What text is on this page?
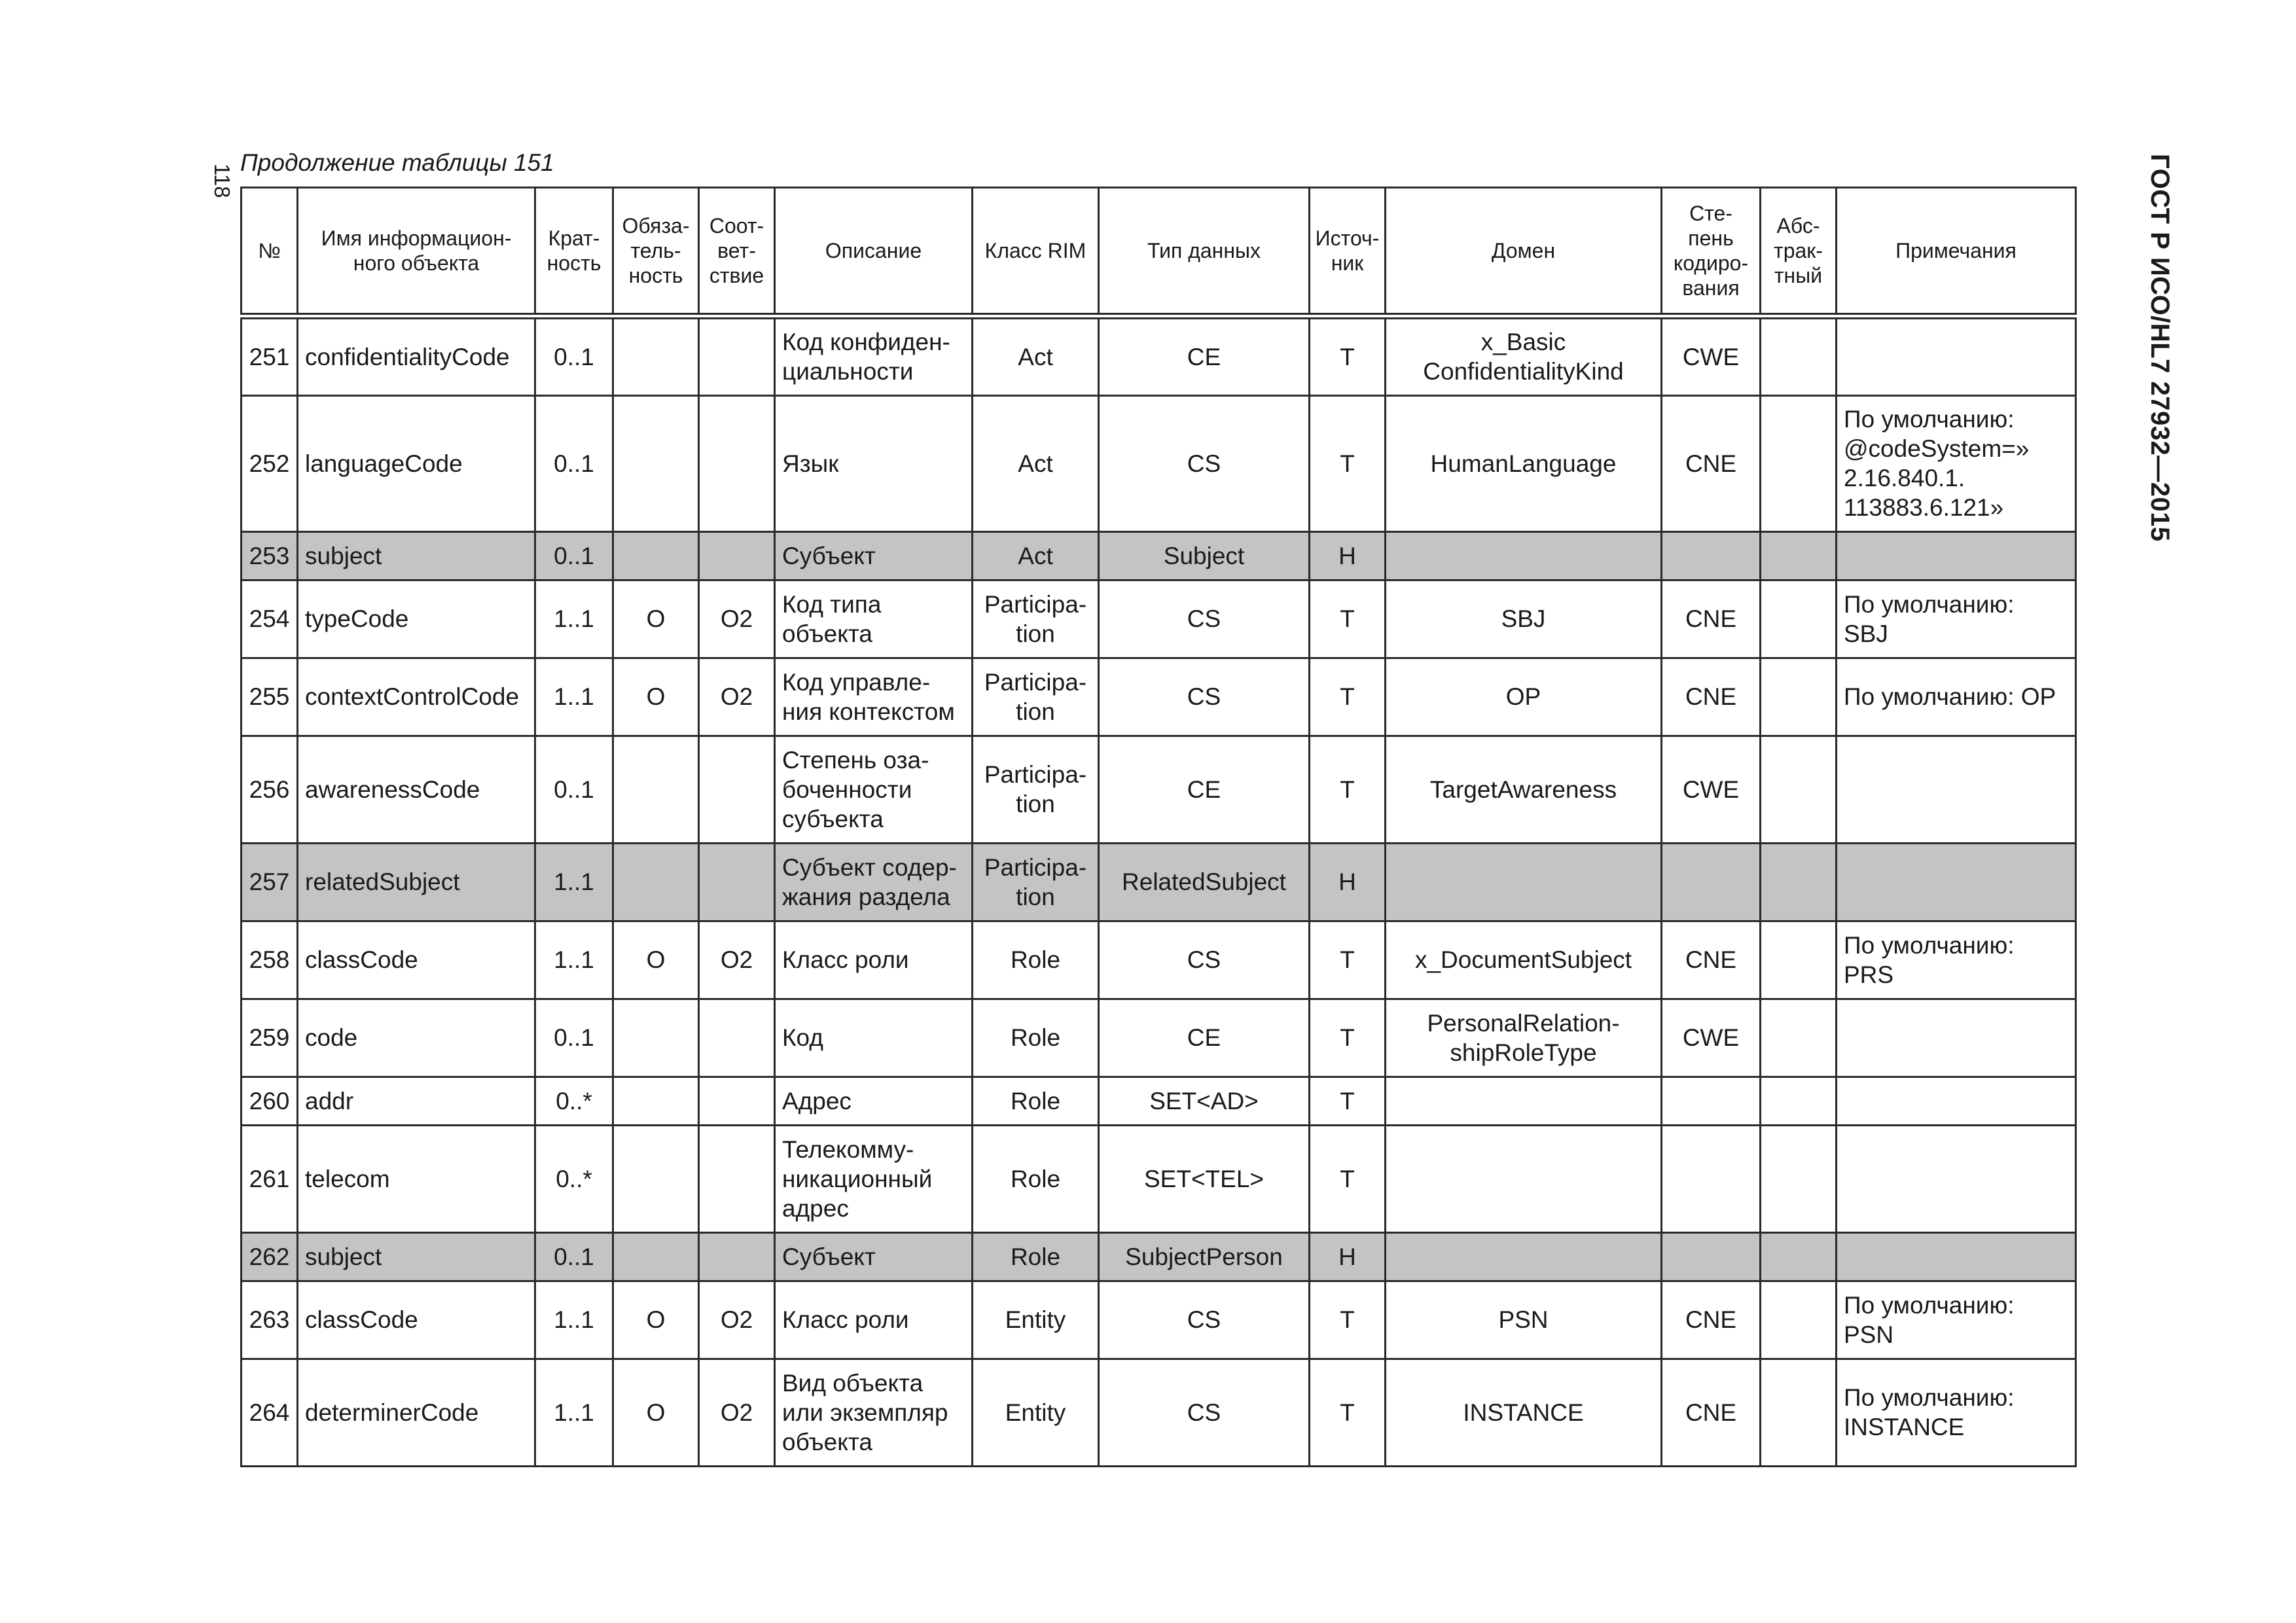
118
Продолжение таблицы 151	ГОСТ Р ИСО/HL7 27932—2015
№	Имя информацион-
ного объекта	Крат-
ность	Обяза-
тель-
ность	Соот-
вет-
ствие	Описание	Класс RIM	Тип данных	Источ-
ник	Домен	Сте-
пень
кодиро-
вания	Абс-
трак-
тный	Примечания
251	confidentialityCode	0..1			Код конфиден-
циальности	Act	CE	T	x_Basic
ConfidentialityKind	CWE		
252	languageCode	0..1			Язык	Act	CS	T	HumanLanguage	CNE		По умолчанию:
@codeSystem=»
2.16.840.1.
113883.6.121»
253	subject	0..1			Субъект	Act	Subject	H				
254	typeCode	1..1	O	O2	Код типа
объекта	Participa-
tion	CS	T	SBJ	CNE		По умолчанию:
SBJ
255	contextControlCode	1..1	O	O2	Код управле-
ния контекстом	Participa-
tion	CS	T	OP	CNE		По умолчанию: OP
256	awarenessCode	0..1			Степень оза-
боченности
субъекта	Participa-
tion	CE	T	TargetAwareness	CWE		
257	relatedSubject	1..1			Субъект содер-
жания раздела	Participa-
tion	RelatedSubject	H				
258	classCode	1..1	O	O2	Класс роли	Role	CS	T	x_DocumentSubject	CNE		По умолчанию:
PRS
259	code	0..1			Код	Role	CE	T	PersonalRelation-
shipRoleType	CWE		
260	addr	0..*			Адрес	Role	SET<AD>	T				
261	telecom	0..*			Телекомму-
никационный
адрес	Role	SET<TEL>	T				
262	subject	0..1			Субъект	Role	SubjectPerson	H				
263	classCode	1..1	O	O2	Класс роли	Entity	CS	T	PSN	CNE		По умолчанию:
PSN
264	determinerCode	1..1	O	O2	Вид объекта
или экземпляр
объекта	Entity	CS	T	INSTANCE	CNE		По умолчанию:
INSTANCE
